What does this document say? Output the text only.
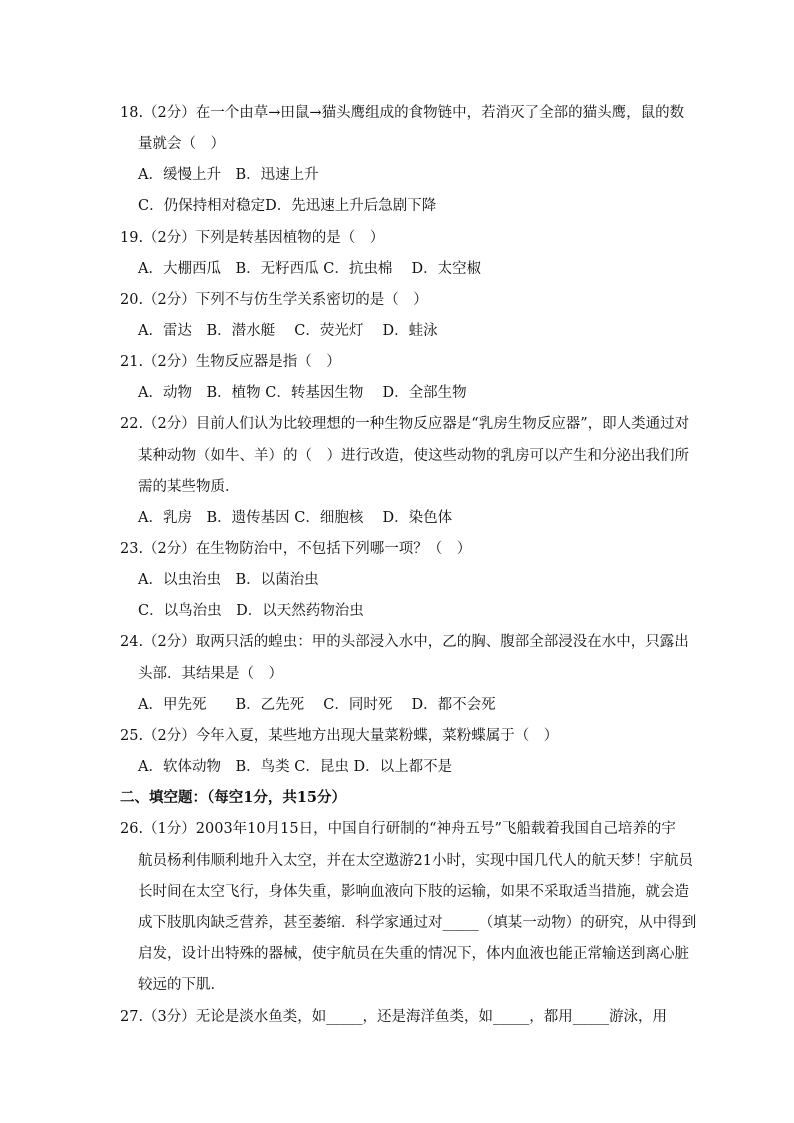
18.（2分）在一个由草→田鼠→猫头鹰组成的食物链中，若消灭了全部的猫头鹰，鼠的数
量就会（　）
A．缓慢上升　B．迅速上升
C．仍保持相对稳定D．先迅速上升后急剧下降
19.（2分）下列是转基因植物的是（　）
A．大棚西瓜　B．无籽西瓜 C．抗虫棉　 D．太空椒
20.（2分）下列不与仿生学关系密切的是（　）
A．雷达　B．潜水艇　 C．荧光灯　 D．蛙泳
21.（2分）生物反应器是指（　）
A．动物　B．植物 C．转基因生物　 D．全部生物
22.（2分）目前人们认为比较理想的一种生物反应器是“乳房生物反应器”，即人类通过对
某种动物（如牛、羊）的（　）进行改造，使这些动物的乳房可以产生和分泌出我们所
需的某些物质．
A．乳房　B．遗传基因 C．细胞核　 D．染色体
23.（2分）在生物防治中，不包括下列哪一项？（　）
A．以虫治虫　B．以菌治虫
C．以鸟治虫　D．以天然药物治虫
24.（2分）取两只活的蝗虫：甲的头部浸入水中，乙的胸、腹部全部浸没在水中，只露出
头部．其结果是（　）
A．甲先死　　B．乙先死　 C．同时死　 D．都不会死
25.（2分）今年入夏，某些地方出现大量菜粉蝶，菜粉蝶属于（　）
A．软体动物　B．鸟类 C．昆虫 D．以上都不是
二、填空题：（每空1分，共15分）
26.（1分）2003年10月15日，中国自行研制的“神舟五号”飞船载着我国自己培养的宇
航员杨利伟顺利地升入太空，并在太空遨游21小时，实现中国几代人的航天梦！宇航员
长时间在太空飞行，身体失重，影响血液向下肢的运输，如果不采取适当措施，就会造
成下肢肌肉缺乏营养，甚至萎缩．科学家通过对_____（填某一动物）的研究，从中得到
启发，设计出特殊的器械，使宇航员在失重的情况下，体内血液也能正常输送到离心脏
较远的下肌．
27.（3分）无论是淡水鱼类，如_____，还是海洋鱼类，如_____，都用_____游泳，用
